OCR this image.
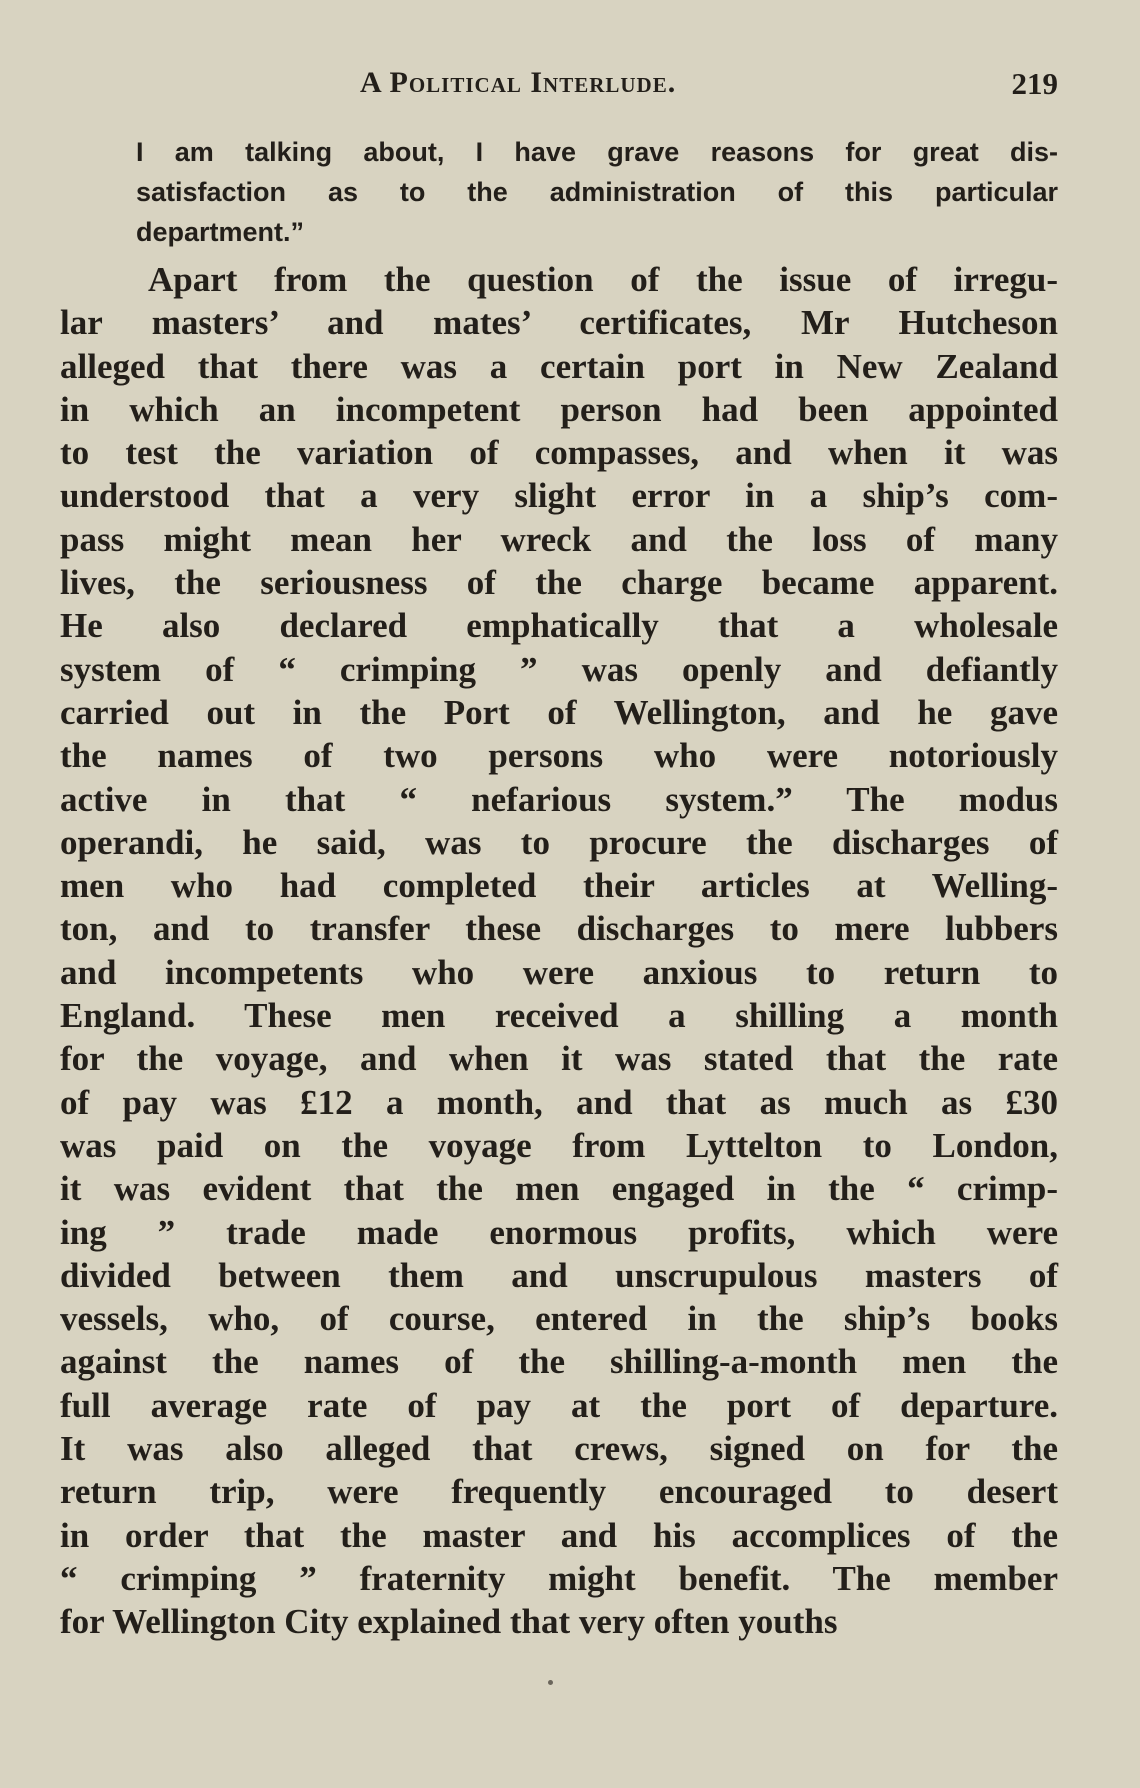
A Political Interlude.	219
I am talking about, I have grave reasons for great dis-
satisfaction as to the administration of this particular
department.”
Apart from the question of the issue of irregu-
lar masters’ and mates’ certificates, Mr Hutcheson
alleged that there was a certain port in New Zealand
in which an incompetent person had been appointed
to test the variation of compasses, and when it was
understood that a very slight error in a ship’s com-
pass might mean her wreck and the loss of many
lives, the seriousness of the charge became apparent.
He also declared emphatically that a wholesale
system of “ crimping ” was openly and defiantly
carried out in the Port of Wellington, and he gave
the names of two persons who were notoriously
active in that “ nefarious system.” The modus
operandi, he said, was to procure the discharges of
men who had completed their articles at Welling-
ton, and to transfer these discharges to mere lubbers
and incompetents who were anxious to return to
England. These men received a shilling a month
for the voyage, and when it was stated that the rate
of pay was £12 a month, and that as much as £30
was paid on the voyage from Lyttelton to London,
it was evident that the men engaged in the “ crimp-
ing ” trade made enormous profits, which were
divided between them and unscrupulous masters of
vessels, who, of course, entered in the ship’s books
against the names of the shilling-a-month men the
full average rate of pay at the port of departure.
It was also alleged that crews, signed on for the
return trip, were frequently encouraged to desert
in order that the master and his accomplices of the
“ crimping ” fraternity might benefit. The member
for Wellington City explained that very often youths
